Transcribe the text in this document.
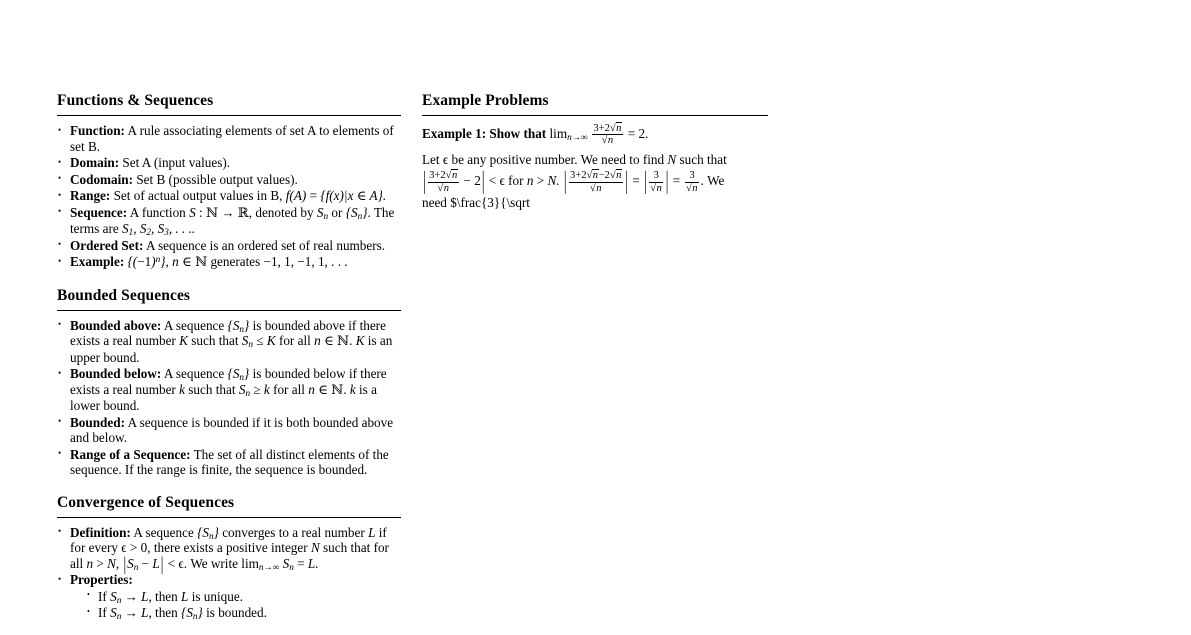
Functions & Sequences
• Function: A rule associating elements of set A to elements of set B.
• Domain: Set A (input values).
• Codomain: Set B (possible output values).
• Range: Set of actual output values in B, f(A) = {f(x)|x ∈ A}.
• Sequence: A function S : ℕ → ℝ, denoted by $S_n$ or $\{S_n\}$. The terms are $S_1$, $S_2$, $S_3$, . . ..
• Ordered Set: A sequence is an ordered set of real numbers.
• Example: $\{(-1)^n\}$, n ∈ ℕ generates −1, 1, −1, 1, . . .
Bounded Sequences
• Bounded above: A sequence $\{S_n\}$ is bounded above if there exists a real number K such that $S_n \le K$ for all n ∈ ℕ. K is an upper bound.
• Bounded below: A sequence $\{S_n\}$ is bounded below if there exists a real number k such that $S_n \ge k$ for all n ∈ ℕ. k is a lower bound.
• Bounded: A sequence is bounded if it is both bounded above and below.
• Range of a Sequence: The set of all distinct elements of the sequence. If the range is finite, the sequence is bounded.
Convergence of Sequences
• Definition: A sequence $\{S_n\}$ converges to a real number L if for every ϵ > 0, there exists a positive integer N such that for all n > N, $|S_n - L| < \epsilon$. We write $\lim_{n\to\infty} S_n = L$.
• Properties:
• If $S_n \to L$, then L is unique.
• If $S_n \to L$, then $\{S_n\}$ is bounded.
Example Problems

Example 1: Show that $\lim_{n\to\infty} \frac{3+2√n}{√n} = 2$.

Let ϵ be any positive number. We need to find N such that

| $\frac{3+2√n}{√n} - 2| < \epsilon$ for n > N. | $\frac{3+2√n-2√n}{√n}$ | = | $\frac{3}{√n}$ | = $\frac{3}{√n}$ . We

need $\frac{3}{\sqrt
